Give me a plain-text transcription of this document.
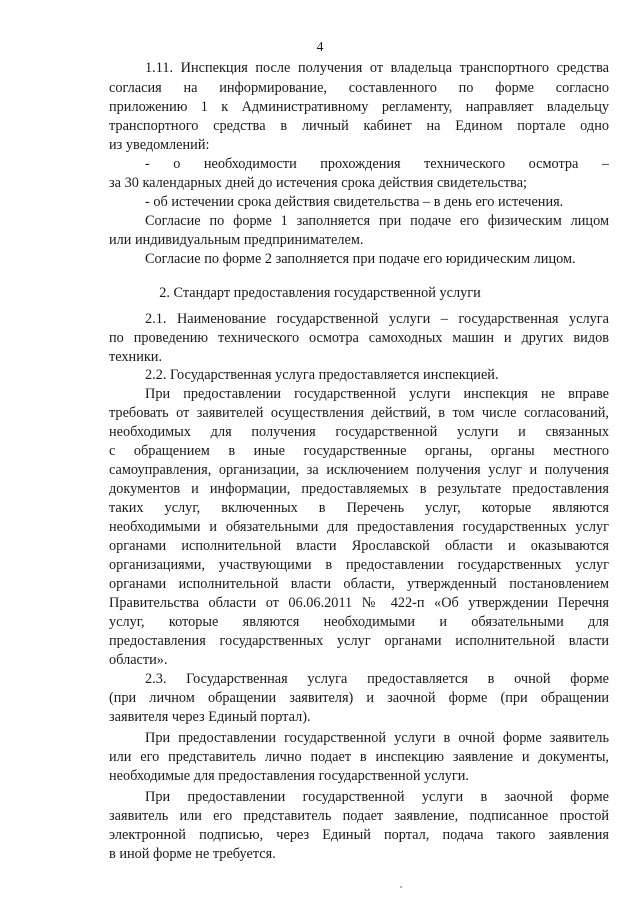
4
2. Стандарт предоставления государственной услуги
1.11. Инспекция после получения от владельца транспортного средства
согласия на информирование, составленного по форме согласно
приложению 1 к Административному регламенту, направляет владельцу
транспортного средства в личный кабинет на Едином портале одно
из уведомлений:
- о необходимости прохождения технического осмотра –
за 30 календарных дней до истечения срока действия свидетельства;
- об истечении срока действия свидетельства – в день его истечения.
Согласие по форме 1 заполняется при подаче его физическим лицом
или индивидуальным предпринимателем.
Согласие по форме 2 заполняется при подаче его юридическим лицом.
2.1. Наименование государственной услуги – государственная услуга
по проведению технического осмотра самоходных машин и других видов
техники.
2.2. Государственная услуга предоставляется инспекцией.
При предоставлении государственной услуги инспекция не вправе
требовать от заявителей осуществления действий, в том числе согласований,
необходимых для получения государственной услуги и связанных
с обращением в иные государственные органы, органы местного
самоуправления, организации, за исключением получения услуг и получения
документов и информации, предоставляемых в результате предоставления
таких услуг, включенных в Перечень услуг, которые являются
необходимыми и обязательными для предоставления государственных услуг
органами исполнительной власти Ярославской области и оказываются
организациями, участвующими в предоставлении государственных услуг
органами исполнительной власти области, утвержденный постановлением
Правительства области от 06.06.2011 № 422-п «Об утверждении Перечня
услуг, которые являются необходимыми и обязательными для
предоставления государственных услуг органами исполнительной власти
области».
2.3. Государственная услуга предоставляется в очной форме
(при личном обращении заявителя) и заочной форме (при обращении
заявителя через Единый портал).
При предоставлении государственной услуги в очной форме заявитель
или его представитель лично подает в инспекцию заявление и документы,
необходимые для предоставления государственной услуги.
При предоставлении государственной услуги в заочной форме
заявитель или его представитель подает заявление, подписанное простой
электронной подписью, через Единый портал, подача такого заявления
в иной форме не требуется.
